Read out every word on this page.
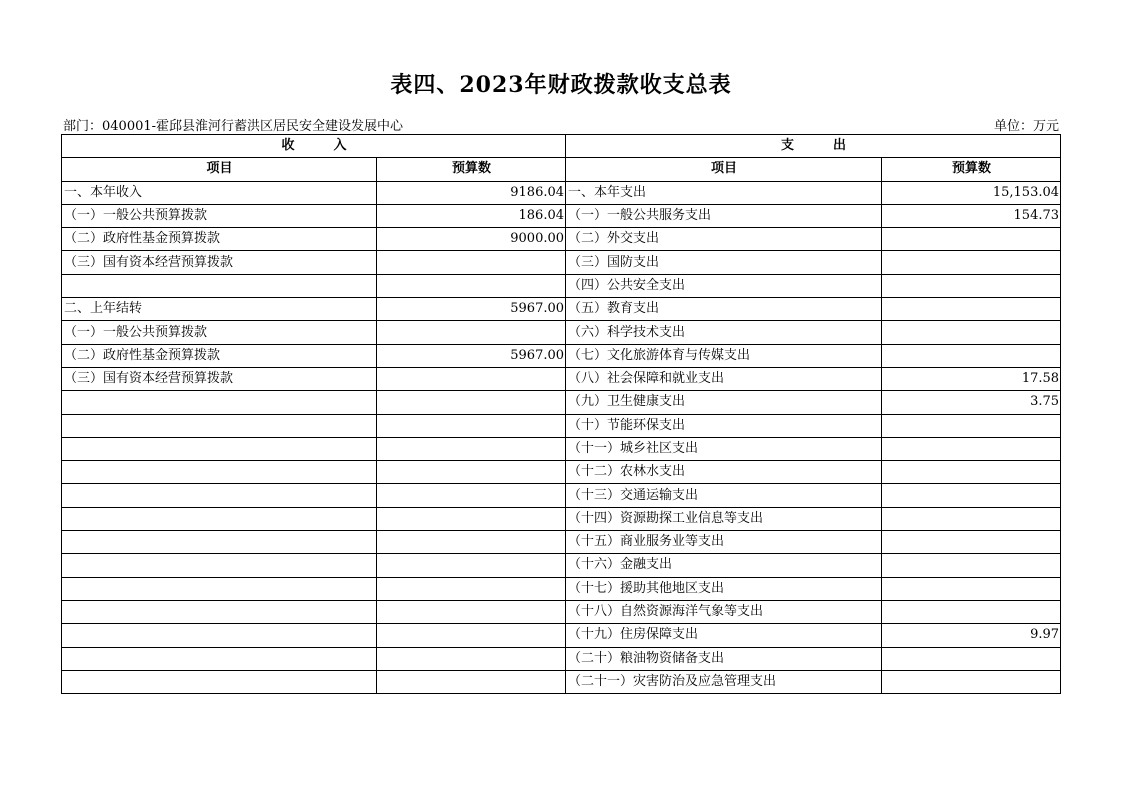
表四、2023年财政拨款收支总表
部门：040001-霍邱县淮河行蓄洪区居民安全建设发展中心	单位：万元
收　　　入		支　　　出	
项目	预算数	项目	预算数
一、本年收入	9186.04	一、本年支出	15,153.04
（一）一般公共预算拨款	186.04	（一）一般公共服务支出	154.73
（二）政府性基金预算拨款	9000.00	（二）外交支出	
（三）国有资本经营预算拨款		（三）国防支出	
		（四）公共安全支出	
二、上年结转	5967.00	（五）教育支出	
（一）一般公共预算拨款		（六）科学技术支出	
（二）政府性基金预算拨款	5967.00	（七）文化旅游体育与传媒支出	
（三）国有资本经营预算拨款		（八）社会保障和就业支出	17.58
		（九）卫生健康支出	3.75
		（十）节能环保支出	
		（十一）城乡社区支出	
		（十二）农林水支出	
		（十三）交通运输支出	
		（十四）资源勘探工业信息等支出	
		（十五）商业服务业等支出	
		（十六）金融支出	
		（十七）援助其他地区支出	
		（十八）自然资源海洋气象等支出	
		（十九）住房保障支出	9.97
		（二十）粮油物资储备支出	
		（二十一）灾害防治及应急管理支出	
